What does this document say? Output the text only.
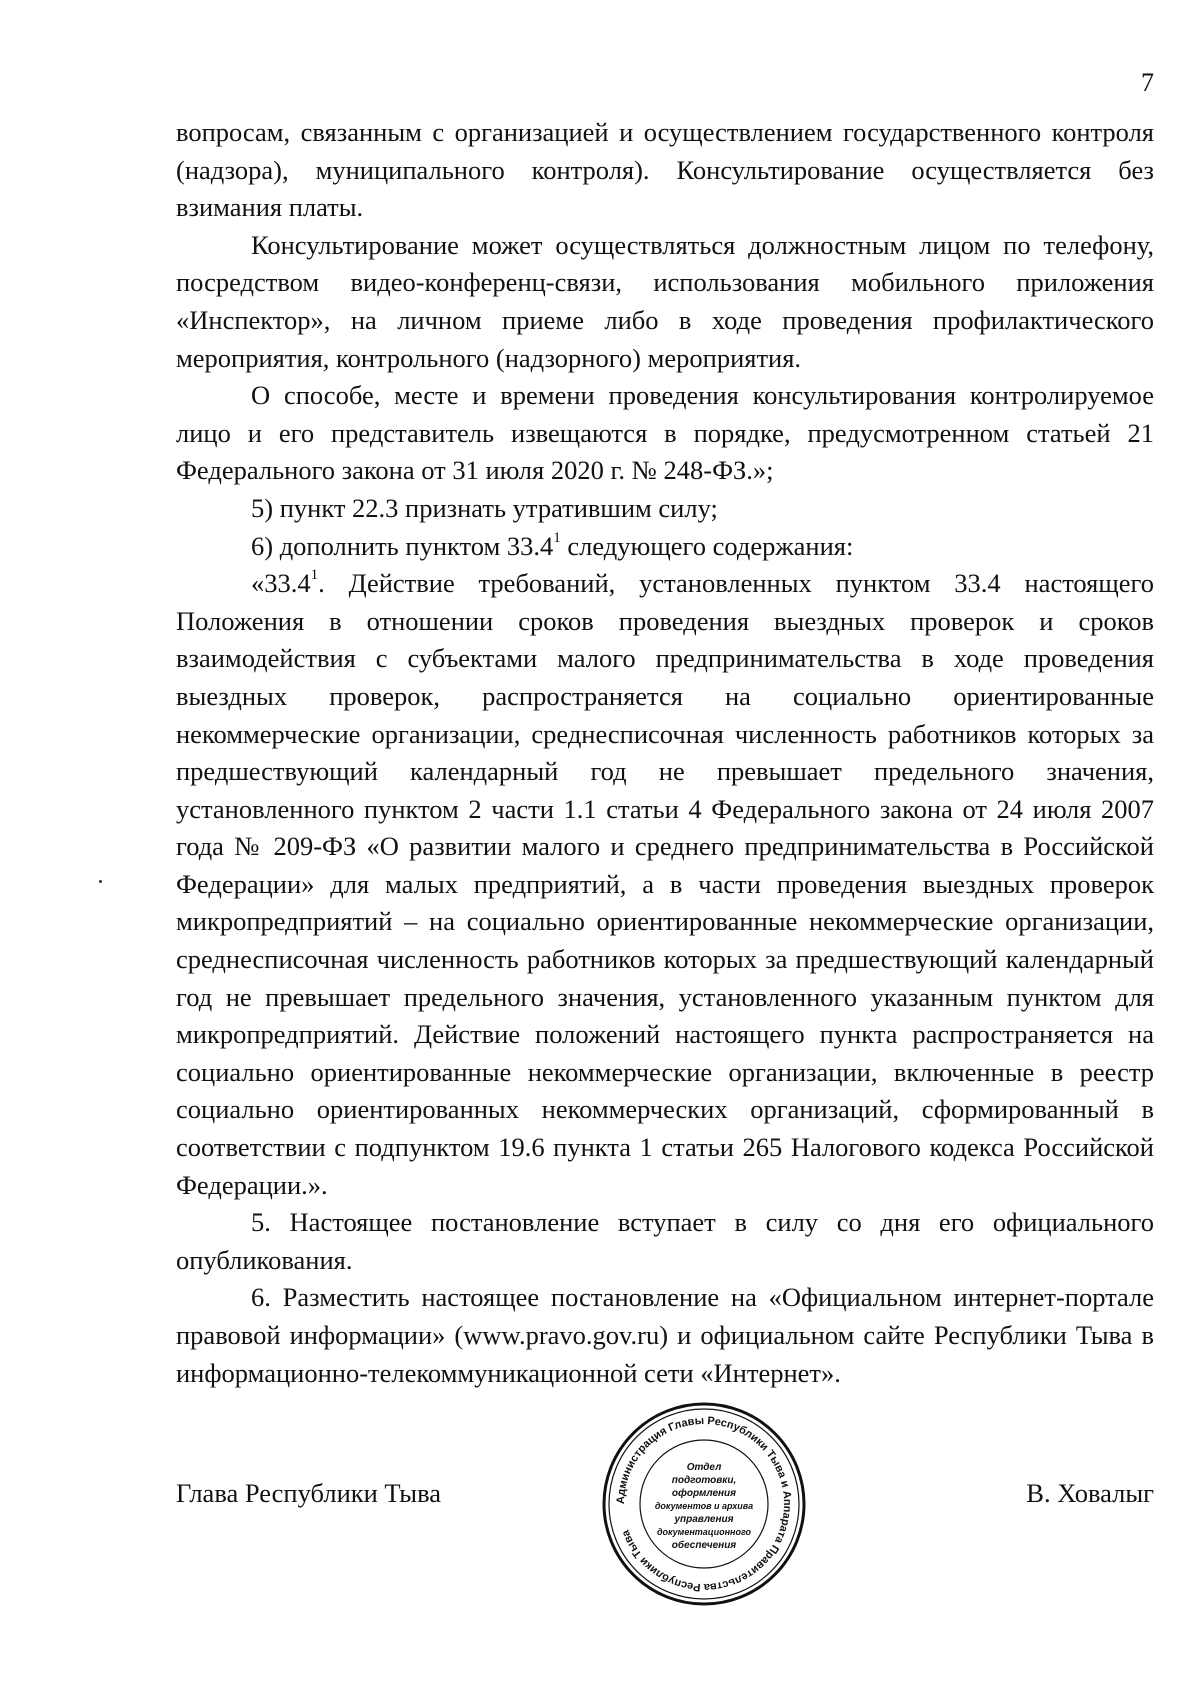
7

вопросам, связанным с организацией и осуществлением государственного контроля (надзора), муниципального контроля). Консультирование осуществляется без взимания платы.

Консультирование может осуществляться должностным лицом по телефону, посредством видео-конференц-связи, использования мобильного приложения «Инспектор», на личном приеме либо в ходе проведения профилактического мероприятия, контрольного (надзорного) мероприятия.

О способе, месте и времени проведения консультирования контролируемое лицо и его представитель извещаются в порядке, предусмотренном статьей 21 Федерального закона от 31 июля 2020 г. № 248-ФЗ.»;

5) пункт 22.3 признать утратившим силу;

6) дополнить пунктом 33.4$^1$ следующего содержания:

«33.4$^1$. Действие требований, установленных пунктом 33.4 настоящего Положения в отношении сроков проведения выездных проверок и сроков взаимодействия с субъектами малого предпринимательства в ходе проведения выездных проверок, распространяется на социально ориентированные некоммерческие организации, среднесписочная численность работников которых за предшествующий календарный год не превышает предельного значения, установленного пунктом 2 части 1.1 статьи 4 Федерального закона от 24 июля 2007 года № 209-ФЗ «О развитии малого и среднего предпринимательства в Российской Федерации» для малых предприятий, а в части проведения выездных проверок микропредприятий – на социально ориентированные некоммерческие организации, среднесписочная численность работников которых за предшествующий календарный год не превышает предельного значения, установленного указанным пунктом для микропредприятий. Действие положений настоящего пункта распространяется на социально ориентированные некоммерческие организации, включенные в реестр социально ориентированных некоммерческих организаций, сформированный в соответствии с подпунктом 19.6 пункта 1 статьи 265 Налогового кодекса Российской Федерации.».

5. Настоящее постановление вступает в силу со дня его официального опубликования.

6. Разместить настоящее постановление на «Официальном интернет-портале правовой информации» (www.pravo.gov.ru) и официальном сайте Республики Тыва в информационно-телекоммуникационной сети «Интернет».

Глава Республики Тыва	В. Ховалыг
Администрация Главы Республики Тыва и Аппарата Правительства Республики Тыва
Отдел
подготовки,
оформления
документов и архива
управления
документационного
обеспечения
